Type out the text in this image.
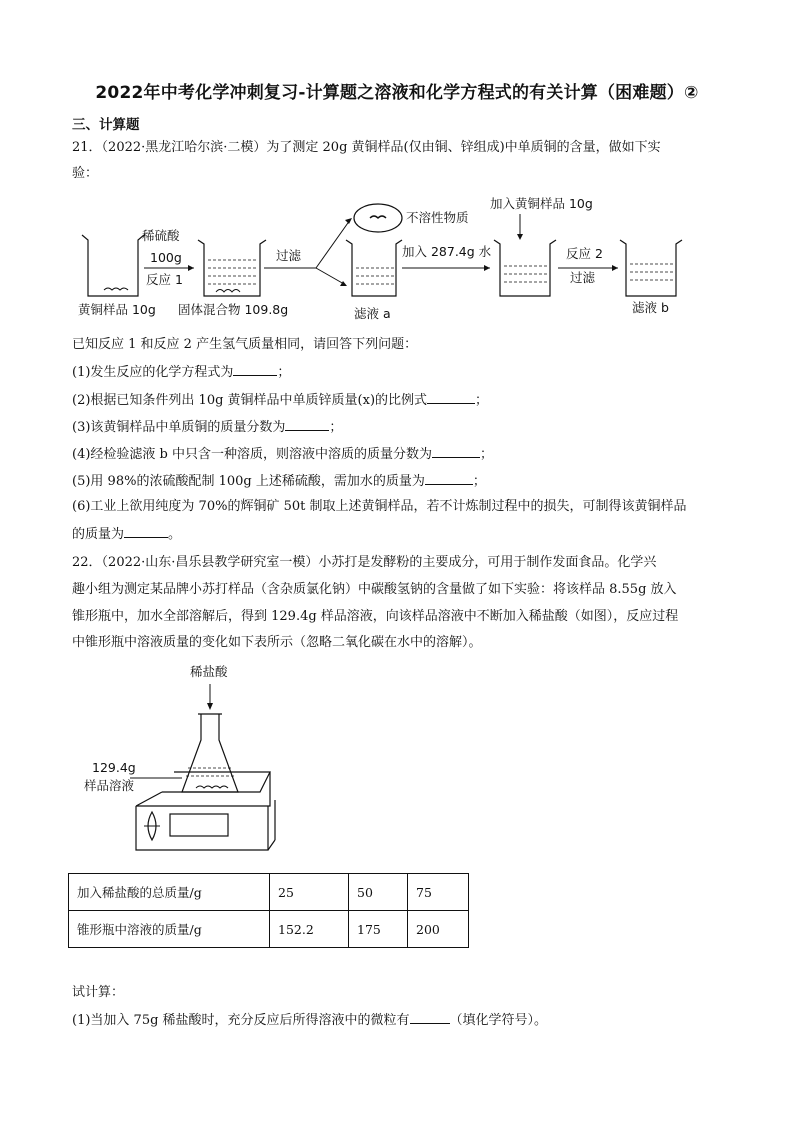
2022年中考化学冲刺复习-计算题之溶液和化学方程式的有关计算（困难题）②
三、计算题
21．（2022·黑龙江哈尔滨·二模）为了测定 20g 黄铜样品(仅由铜、锌组成)中单质铜的含量，做如下实
验：
黄铜样品 10g
稀硫酸
100g
反应 1
固体混合物 109.8g
过滤
不溶性物质
滤液 a
加入 287.4g 水
加入黄铜样品 10g
反应 2
过滤
滤液 b
已知反应 1 和反应 2 产生氢气质量相同，请回答下列问题：
(1)发生反应的化学方程式为	；
(2)根据已知条件列出 10g 黄铜样品中单质锌质量(x)的比例式	；
(3)该黄铜样品中单质铜的质量分数为	；
(4)经检验滤液 b 中只含一种溶质，则溶液中溶质的质量分数为	；
(5)用 98%的浓硫酸配制 100g 上述稀硫酸，需加水的质量为	；
(6)工业上欲用纯度为 70%的辉铜矿 50t 制取上述黄铜样品，若不计炼制过程中的损失，可制得该黄铜样品
的质量为	。
22．（2022·山东·昌乐县教学研究室一模）小苏打是发酵粉的主要成分，可用于制作发面食品。化学兴
趣小组为测定某品牌小苏打样品（含杂质氯化钠）中碳酸氢钠的含量做了如下实验：将该样品 8.55g 放入
锥形瓶中，加水全部溶解后，得到 129.4g 样品溶液，向该样品溶液中不断加入稀盐酸（如图），反应过程
中锥形瓶中溶液质量的变化如下表所示（忽略二氧化碳在水中的溶解）。
稀盐酸
129.4g
样品溶液
加入稀盐酸的总质量/g	25	50	75
锥形瓶中溶液的质量/g	152.2	175	200
试计算：
(1)当加入 75g 稀盐酸时，充分反应后所得溶液中的微粒有	（填化学符号）。
